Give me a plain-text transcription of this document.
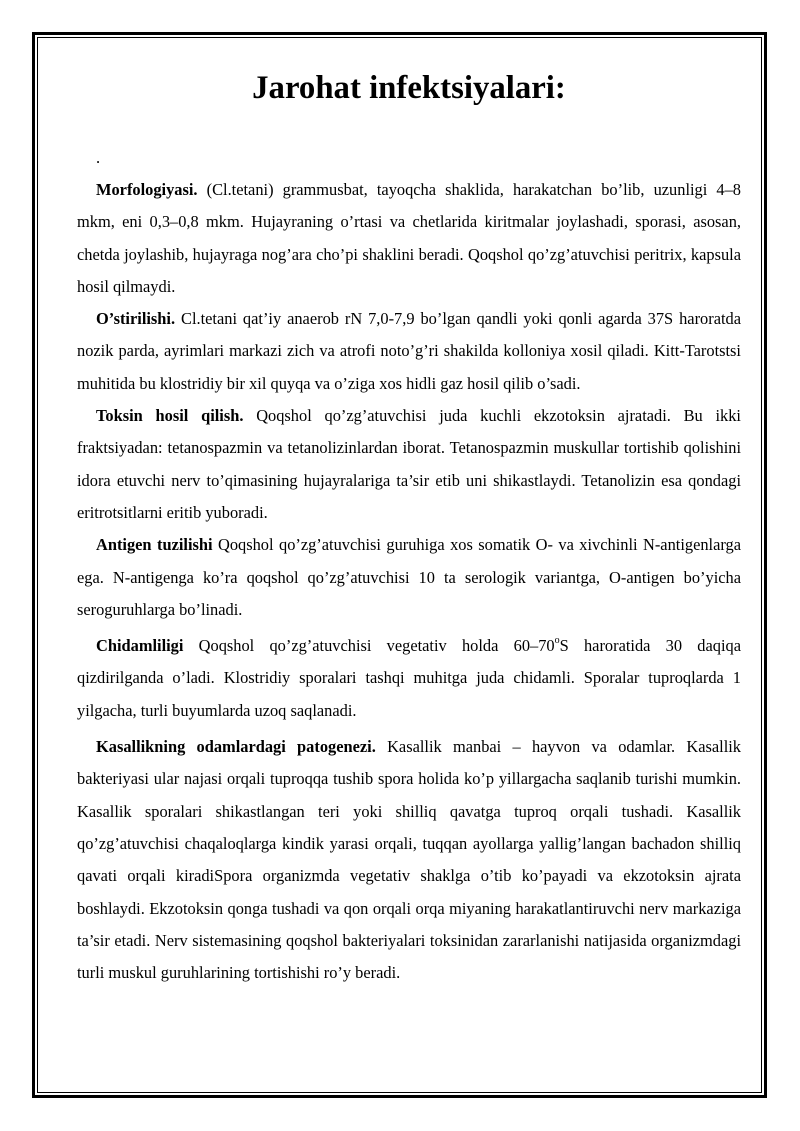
Jarohat infektsiyalari:
.

Morfologiyasi. (Cl.tetani) grammusbat, tayoqcha shaklida, harakatchan bo’lib, uzunligi 4–8 mkm, eni 0,3–0,8 mkm. Hujayraning o’rtasi va chetlarida kiritmalar joylashadi, sporasi, asosan, chetda joylashib, hujayraga nog’ara cho’pi shaklini beradi. Qoqshol qo’zg’atuvchisi peritrix, kapsula hosil qilmaydi.

O’stirilishi. Cl.tetani qat’iy anaerob rN 7,0-7,9 bo’lgan qandli yoki qonli agarda 37S haroratda nozik parda, ayrimlari markazi zich va atrofi noto’g’ri shakilda kolloniya xosil qiladi. Kitt-Tarotstsi muhitida bu klostridiy bir xil quyqa va o’ziga xos hidli gaz hosil qilib o’sadi.

Toksin hosil qilish. Qoqshol qo’zg’atuvchisi juda kuchli ekzotoksin ajratadi. Bu ikki fraktsiyadan: tetanospazmin va tetanolizinlardan iborat. Tetanospazmin muskullar tortishib qolishini idora etuvchi nerv to’qimasining hujayralariga ta’sir etib uni shikastlaydi. Tetanolizin esa qondagi eritrotsitlarni eritib yuboradi.

Antigen tuzilishi Qoqshol qo’zg’atuvchisi guruhiga xos somatik O- va xivchinli N-antigenlarga ega. N-antigenga ko’ra qoqshol qo’zg’atuvchisi 10 ta serologik variantga, O-antigen bo’yicha seroguruhlarga bo’linadi.

Chidamliligi Qoqshol qo’zg’atuvchisi vegetativ holda 60–70$^o$S haroratida 30 daqiqa qizdirilganda o’ladi. Klostridiy sporalari tashqi muhitga juda chidamli. Sporalar tuproqlarda 1 yilgacha, turli buyumlarda uzoq saqlanadi.

Kasallikning odamlardagi patogenezi. Kasallik manbai – hayvon va odamlar. Kasallik bakteriyasi ular najasi orqali tuproqqa tushib spora holida ko’p yillargacha saqlanib turishi mumkin. Kasallik sporalari shikastlangan teri yoki shilliq qavatga tuproq orqali tushadi. Kasallik qo’zg’atuvchisi chaqaloqlarga kindik yarasi orqali, tuqqan ayollarga yallig’langan bachadon shilliq qavati orqali kiradiSpora organizmda vegetativ shaklga o’tib ko’payadi va ekzotoksin ajrata boshlaydi. Ekzotoksin qonga tushadi va qon orqali orqa miyaning harakatlantiruvchi nerv markaziga ta’sir etadi. Nerv sistemasining qoqshol bakteriyalari toksinidan zararlanishi natijasida organizmdagi turli muskul guruhlarining tortishishi ro’y beradi.
